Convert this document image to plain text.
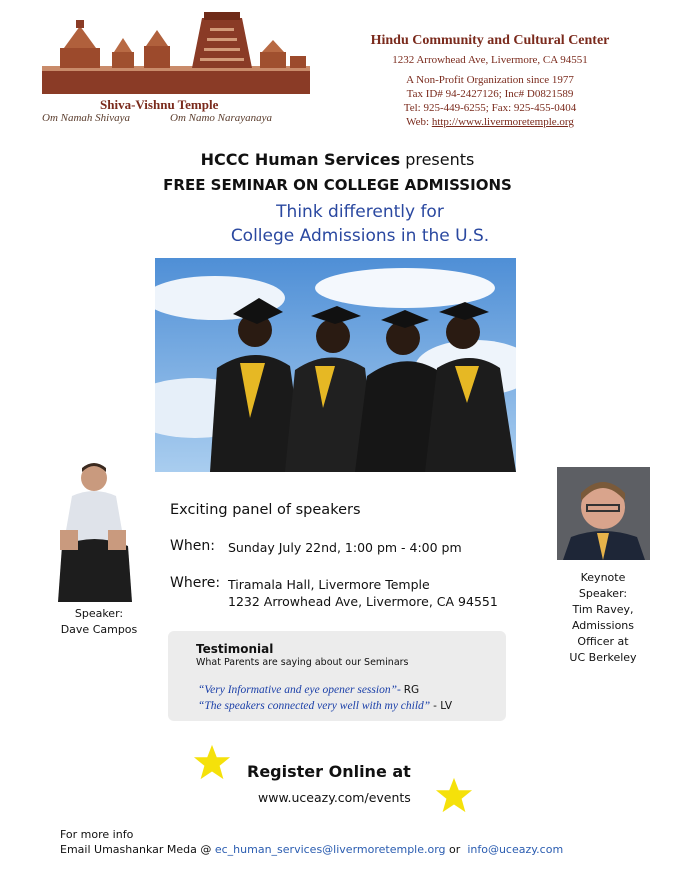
Shiva-Vishnu Temple
Om Namah Shivaya	Om Namo Narayanaya
Hindu Community and Cultural Center
1232 Arrowhead Ave, Livermore, CA 94551
A Non-Profit Organization since 1977
Tax ID# 94-2427126; Inc# D0821589
Tel: 925-449-6255; Fax: 925-455-0404
Web: http://www.livermoretemple.org
HCCC Human Services presents
FREE SEMINAR ON COLLEGE ADMISSIONS
Think differently for
College Admissions in the U.S.
Speaker:
Dave Campos
Keynote
Speaker:
Tim Ravey,
Admissions
Officer at
UC Berkeley
Exciting panel of speakers
When: Sunday July 22nd, 1:00 pm - 4:00 pm
Where: Tiramala Hall, Livermore Temple
1232 Arrowhead Ave, Livermore, CA 94551
Testimonial
What Parents are saying about our Seminars
“Very Informative and eye opener session”- RG
“The speakers connected very well with my child” - LV
Register Online at
www.uceazy.com/events
For more info
Email Umashankar Meda @ ec_human_services@livermoretemple.org or info@uceazy.com
